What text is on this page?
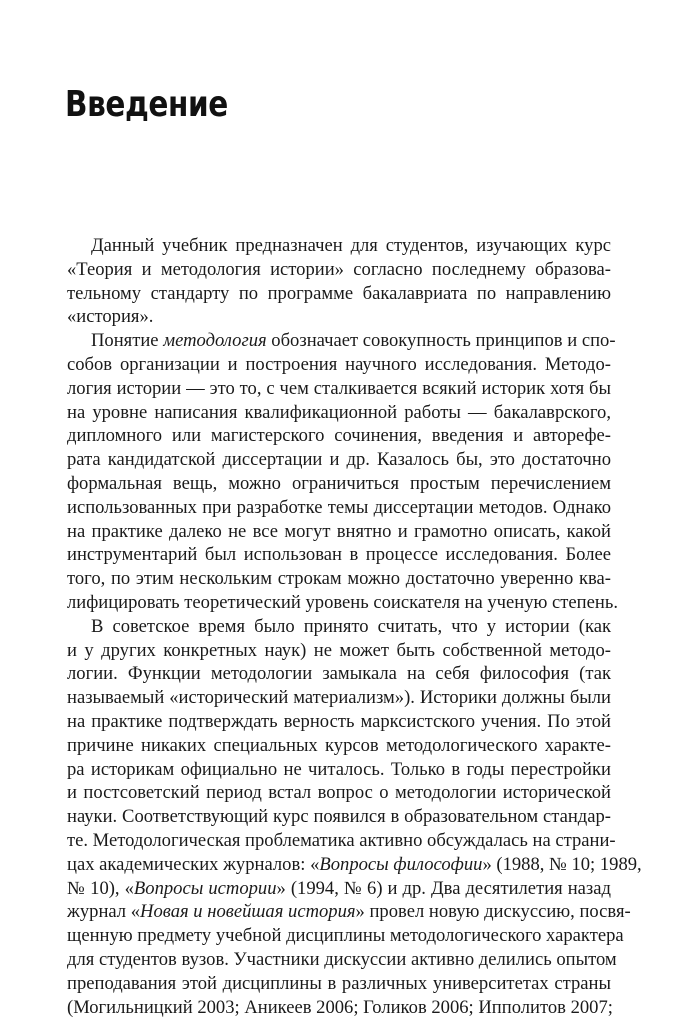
Введение
Данный учебник предназначен для студентов, изучающих курс
«Теория и методология истории» согласно последнему образова-
тельному стандарту по программе бакалавриата по направлению
«история».
Понятие методология обозначает совокупность принципов и спо-
собов организации и построения научного исследования. Методо-
логия истории — это то, с чем сталкивается всякий историк хотя бы
на уровне написания квалификационной работы — бакалаврского,
дипломного или магистерского сочинения, введения и авторефе-
рата кандидатской диссертации и др. Казалось бы, это достаточно
формальная вещь, можно ограничиться простым перечислением
использованных при разработке темы диссертации методов. Однако
на практике далеко не все могут внятно и грамотно описать, какой
инструментарий был использован в процессе исследования. Более
того, по этим нескольким строкам можно достаточно уверенно ква-
лифицировать теоретический уровень соискателя на ученую степень.
В советское время было принято считать, что у истории (как
и у других конкретных наук) не может быть собственной методо-
логии. Функции методологии замыкала на себя философия (так
называемый «исторический материализм»). Историки должны были
на практике подтверждать верность марксистского учения. По этой
причине никаких специальных курсов методологического характе-
ра историкам официально не читалось. Только в годы перестройки
и постсоветский период встал вопрос о методологии исторической
науки. Соответствующий курс появился в образовательном стандар-
те. Методологическая проблематика активно обсуждалась на страни-
цах академических журналов: «Вопросы философии» (1988, № 10; 1989,
№ 10), «Вопросы истории» (1994, № 6) и др. Два десятилетия назад
журнал «Новая и новейшая история» провел новую дискуссию, посвя-
щенную предмету учебной дисциплины методологического характера
для студентов вузов. Участники дискуссии активно делились опытом
преподавания этой дисциплины в различных университетах страны
(Могильницкий 2003; Аникеев 2006; Голиков 2006; Ипполитов 2007;
